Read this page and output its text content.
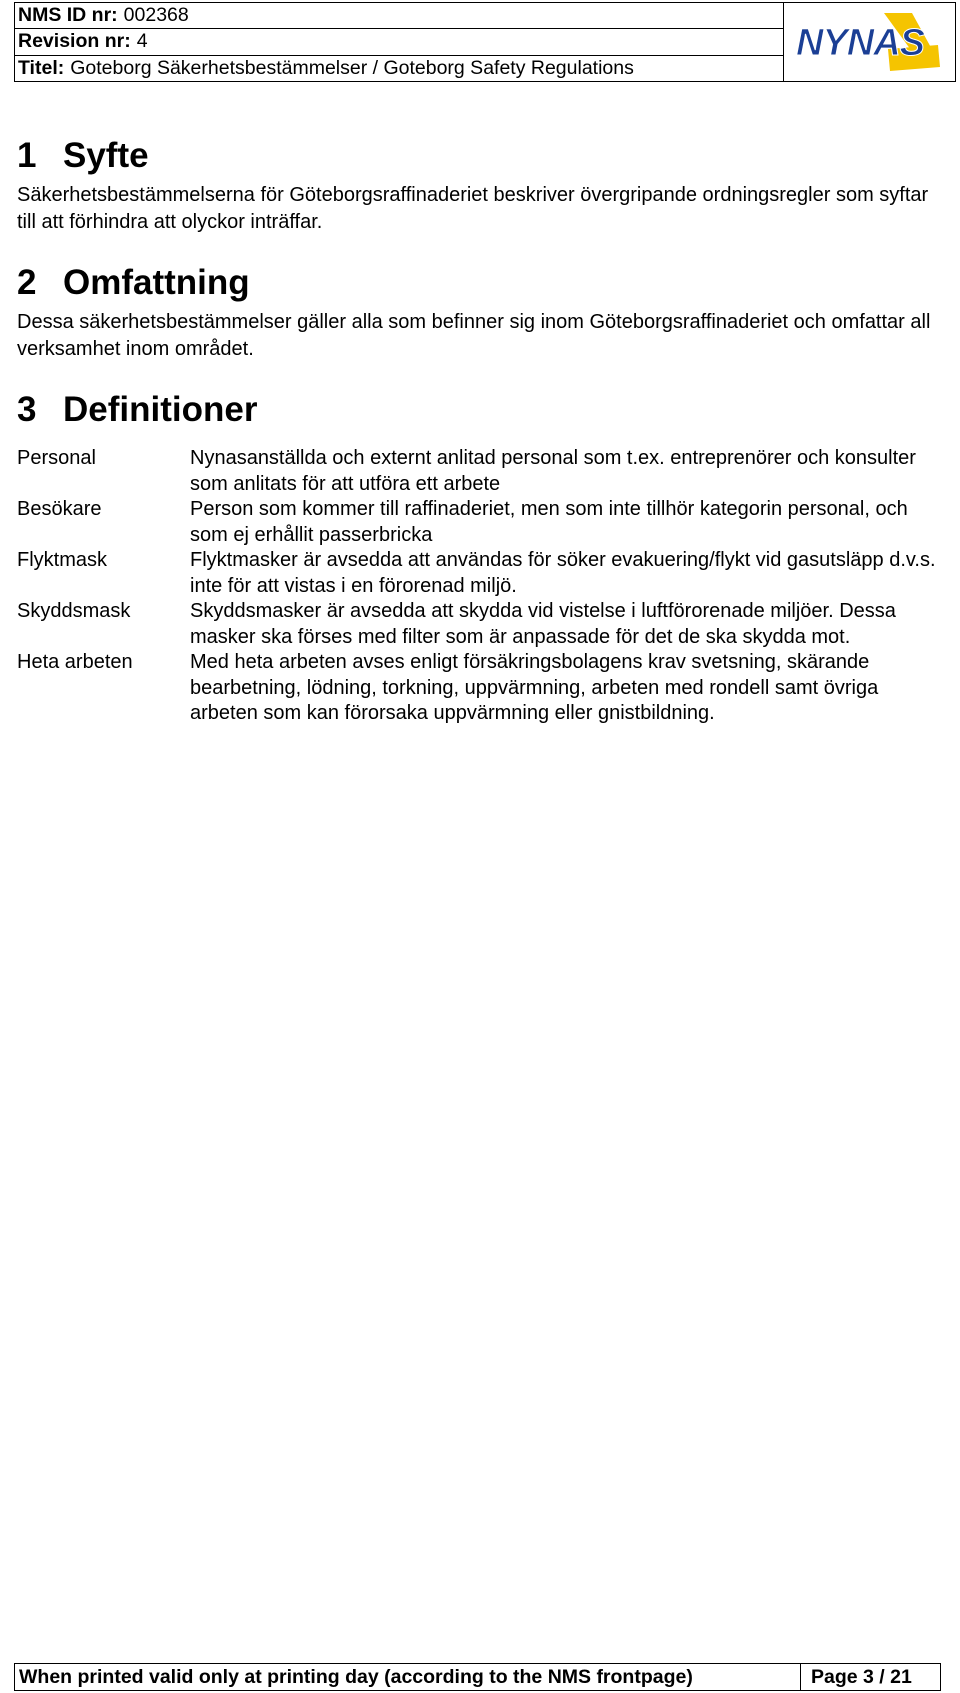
NMS ID nr: 002368
Revision nr: 4
Titel: Goteborg Säkerhetsbestämmelser / Goteborg Safety Regulations
NYNAS
1 Syfte

Säkerhetsbestämmelserna för Göteborgsraffinaderiet beskriver övergripande ordningsregler som syftar till att förhindra att olyckor inträffar.

2 Omfattning

Dessa säkerhetsbestämmelser gäller alla som befinner sig inom Göteborgsraffinaderiet och omfattar all verksamhet inom området.

3 Definitioner
Personal	Nynasanställda och externt anlitad personal som t.ex. entreprenörer och konsulter som anlitats för att utföra ett arbete
Besökare	Person som kommer till raffinaderiet, men som inte tillhör kategorin personal, och som ej erhållit passerbricka
Flyktmask	Flyktmasker är avsedda att användas för söker evakuering/flykt vid gasutsläpp d.v.s. inte för att vistas i en förorenad miljö.
Skyddsmask	Skyddsmasker är avsedda att skydda vid vistelse i luftförorenade miljöer. Dessa masker ska förses med filter som är anpassade för det de ska skydda mot.
Heta arbeten	Med heta arbeten avses enligt försäkringsbolagens krav svetsning, skärande bearbetning, lödning, torkning, uppvärmning, arbeten med rondell samt övriga arbeten som kan förorsaka uppvärmning eller gnistbildning.
When printed valid only at printing day (according to the NMS frontpage)	Page 3 / 21
